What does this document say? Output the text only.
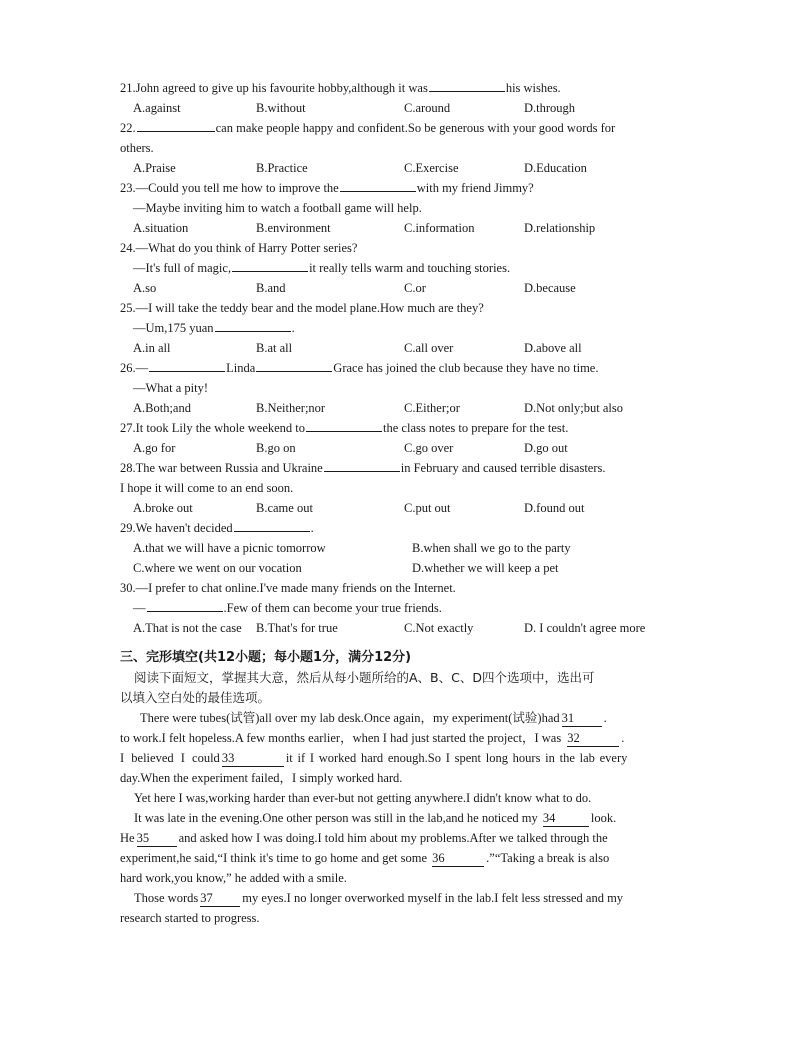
21.John agreed to give up his favourite hobby,although it was	his wishes.
A.against	B.without	C.around	D.through
22.	can make people happy and confident.So be generous with your good words for
others.
A.Praise	B.Practice	C.Exercise	D.Education
23.—Could you tell me how to improve the	with my friend Jimmy?
—Maybe inviting him to watch a football game will help.
A.situation	B.environment	C.information	D.relationship
24.—What do you think of Harry Potter series?
—It's full of magic,	it really tells warm and touching stories.
A.so	B.and	C.or	D.because
25.—I will take the teddy bear and the model plane.How much are they?
—Um,175 yuan	.
A.in all	B.at all	C.all over	D.above all
26.—	Linda	Grace has joined the club because they have no time.
—What a pity!
A.Both;and	B.Neither;nor	C.Either;or	D.Not only;but also
27.It took Lily the whole weekend to	the class notes to prepare for the test.
A.go for	B.go on	C.go over	D.go out
28.The war between Russia and Ukraine	in February and caused terrible disasters.
I hope it will come to an end soon.
A.broke out	B.came out	C.put out	D.found out
29.We haven't decided	.
A.that we will have a picnic tomorrow	B.when shall we go to the party
C.where we went on our vocation	D.whether we will keep a pet
30.—I prefer to chat online.I've made many friends on the Internet.
—	.Few of them can become your true friends.
A.That is not the case B.That's for true	C.Not exactly	D. I couldn't agree more
三、完形填空(共12小题；每小题1分，满分12分)
阅读下面短文，掌握其大意，然后从每小题所给的A、B、C、D四个选项中，选出可
以填入空白处的最佳选项。
There were tubes(试管)all over my lab desk.Once again，my experiment(试验)had 31 .
to work.I felt hopeless.A few months earlier，when I had just started the project，I was 32	.
I believed I could 33	it if I worked hard enough.So I spent long hours in the lab every
day.When the experiment failed，I simply worked hard.
Yet here I was,working harder than ever-but not getting anywhere.I didn't know what to do.
It was late in the evening.One other person was still in the lab,and he noticed my 34	look.
He 35 and asked how I was doing.I told him about my problems.After we talked through the
experiment,he said,“I think it's time to go home and get some 36	.”“Taking a break is also
hard work,you know,” he added with a smile.
Those words 37 my eyes.I no longer overworked myself in the lab.I felt less stressed and my
research started to progress.
